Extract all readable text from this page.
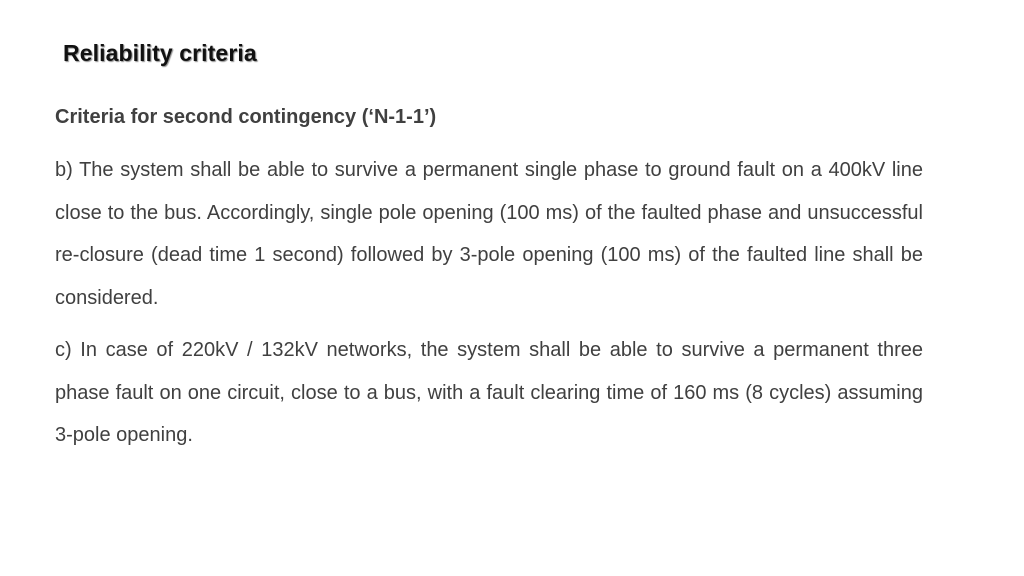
Reliability criteria
Criteria for second contingency (‘N-1-1’)

b) The system shall be able to survive a permanent single phase to ground fault on a 400kV line close to the bus. Accordingly, single pole opening (100 ms) of the faulted phase and unsuccessful re-closure (dead time 1 second) followed by 3-pole opening (100 ms) of the faulted line shall be considered.

c) In case of 220kV / 132kV networks, the system shall be able to survive a permanent three phase fault on one circuit, close to a bus, with a fault clearing time of 160 ms (8 cycles) assuming 3-pole opening.
